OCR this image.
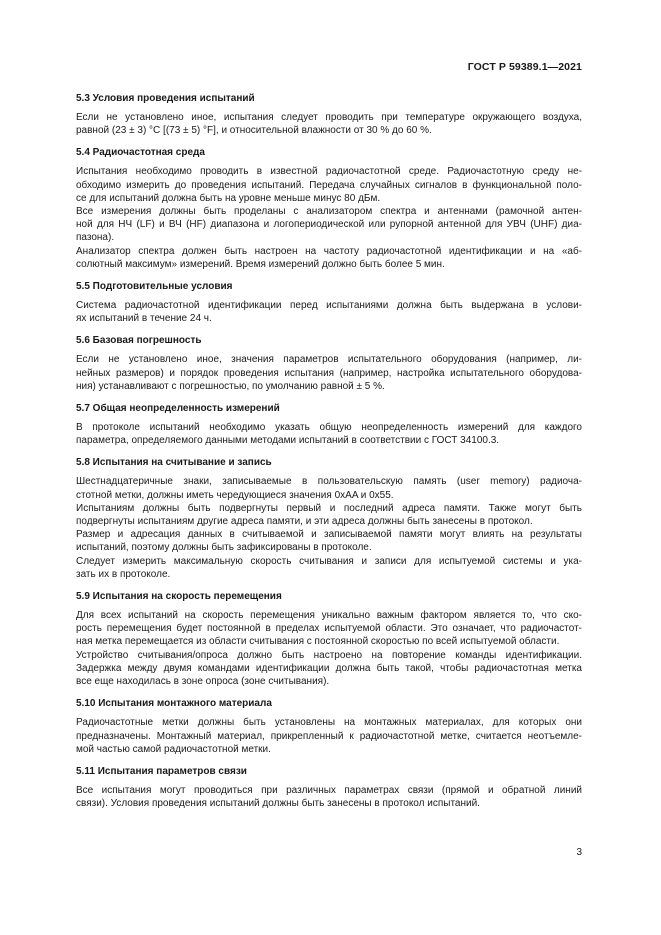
ГОСТ Р 59389.1—2021
5.3 Условия проведения испытаний

Если не установлено иное, испытания следует проводить при температуре окружающего воздуха,
равной (23 ± 3) °C [(73 ± 5) °F], и относительной влажности от 30 % до 60 %.

5.4 Радиочастотная среда

Испытания необходимо проводить в известной радиочастотной среде. Радиочастотную среду не-
обходимо измерить до проведения испытаний. Передача случайных сигналов в функциональной поло-
се для испытаний должна быть на уровне меньше минус 80 дБм.

Все измерения должны быть проделаны с анализатором спектра и антеннами (рамочной антен-
ной для НЧ (LF) и ВЧ (HF) диапазона и логопериодической или рупорной антенной для УВЧ (UHF) диа-
пазона).

Анализатор спектра должен быть настроен на частоту радиочастотной идентификации и на «аб-
солютный максимум» измерений. Время измерений должно быть более 5 мин.

5.5 Подготовительные условия

Система радиочастотной идентификации перед испытаниями должна быть выдержана в услови-
ях испытаний в течение 24 ч.

5.6 Базовая погрешность

Если не установлено иное, значения параметров испытательного оборудования (например, ли-
нейных размеров) и порядок проведения испытания (например, настройка испытательного оборудова-
ния) устанавливают с погрешностью, по умолчанию равной ± 5 %.

5.7 Общая неопределенность измерений

В протоколе испытаний необходимо указать общую неопределенность измерений для каждого
параметра, определяемого данными методами испытаний в соответствии с ГОСТ 34100.3.

5.8 Испытания на считывание и запись

Шестнадцатеричные знаки, записываемые в пользовательскую память (user memory) радиоча-
стотной метки, должны иметь чередующиеся значения 0xAA и 0x55.

Испытаниям должны быть подвергнуты первый и последний адреса памяти. Также могут быть
подвергнуты испытаниям другие адреса памяти, и эти адреса должны быть занесены в протокол.

Размер и адресация данных в считываемой и записываемой памяти могут влиять на результаты
испытаний, поэтому должны быть зафиксированы в протоколе.

Следует измерить максимальную скорость считывания и записи для испытуемой системы и ука-
зать их в протоколе.

5.9 Испытания на скорость перемещения

Для всех испытаний на скорость перемещения уникально важным фактором является то, что ско-
рость перемещения будет постоянной в пределах испытуемой области. Это означает, что радиочастот-
ная метка перемещается из области считывания с постоянной скоростью по всей испытуемой области.

Устройство считывания/опроса должно быть настроено на повторение команды идентификации.
Задержка между двумя командами идентификации должна быть такой, чтобы радиочастотная метка
все еще находилась в зоне опроса (зоне считывания).

5.10 Испытания монтажного материала

Радиочастотные метки должны быть установлены на монтажных материалах, для которых они
предназначены. Монтажный материал, прикрепленный к радиочастотной метке, считается неотъемле-
мой частью самой радиочастотной метки.

5.11 Испытания параметров связи

Все испытания могут проводиться при различных параметрах связи (прямой и обратной линий
связи). Условия проведения испытаний должны быть занесены в протокол испытаний.

3
